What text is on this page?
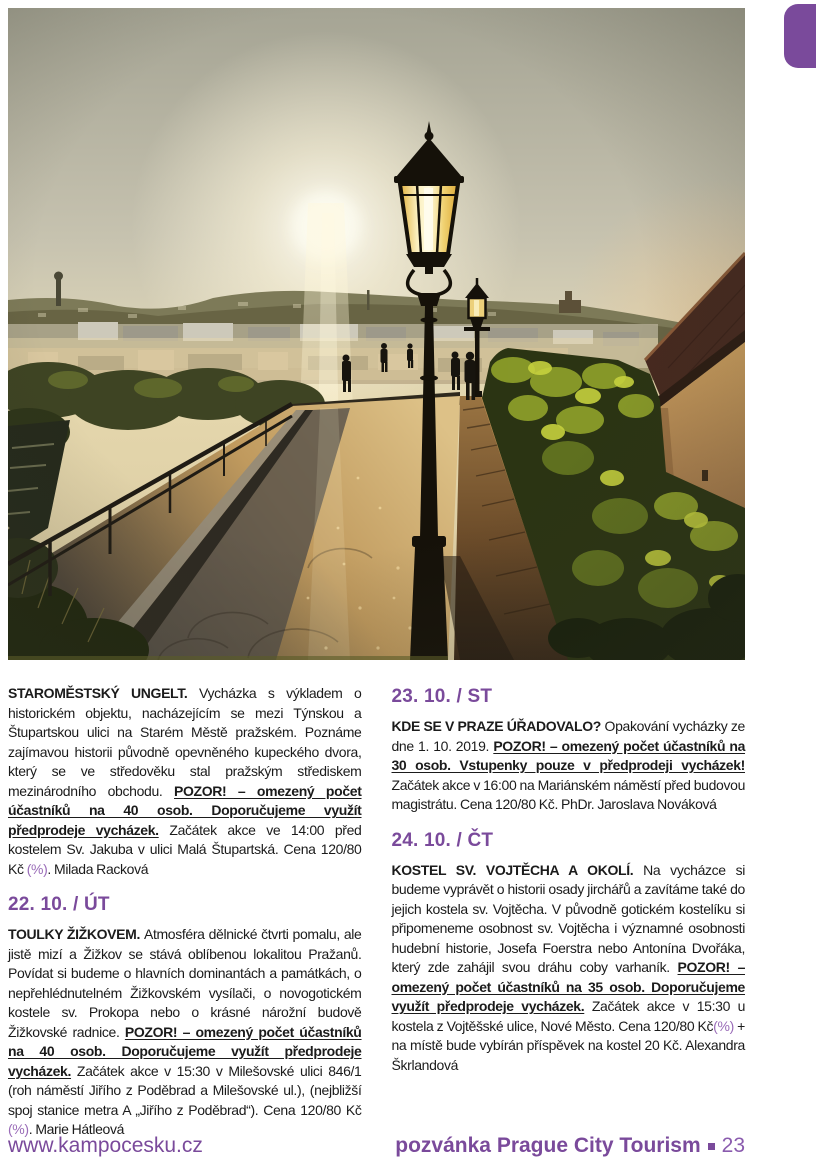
STAROMĚSTSKÝ UNGELT. Vycházka s výkladem o historickém objektu, nacházejícím se mezi Týnskou a Štupartskou ulici na Starém Městě pražském. Poznáme zajímavou historii původně opevněného kupeckého dvora, který se ve středověku stal pražským střediskem mezinárodního obchodu. POZOR! – omezený počet účastníků na 40 osob. Doporučujeme využít předprodeje vycházek. Začátek akce ve 14:00 před kostelem Sv. Jakuba v ulici Malá Štupartská. Cena 120/80 Kč (%). Milada Racková

22. 10. / ÚT

TOULKY ŽIŽKOVEM. Atmosféra dělnické čtvrti pomalu, ale jistě mizí a Žižkov se stává oblíbenou lokalitou Pražanů. Povídat si budeme o hlavních dominantách a památkách, o nepřehlédnutelném Žižkovském vysílači, o novogotickém kostele sv. Prokopa nebo o krásné nárožní budově Žižkovské radnice. POZOR! – omezený počet účastníků na 40 osob. Doporučujeme využít předprodeje vycházek. Začátek akce v 15:30 v Milešovské ulici 846/1 (roh náměstí Jiřího z Poděbrad a Milešovské ul.), (nejbližší spoj stanice metra A „Jiřího z Poděbrad“). Cena 120/80 Kč (%). Marie Hátleová

23. 10. / ST

KDE SE V PRAZE ÚŘADOVALO? Opakování vycházky ze dne 1. 10. 2019. POZOR! – omezený počet účastníků na 30 osob. Vstupenky pouze v předprodeji vycházek! Začátek akce v 16:00 na Mariánském náměstí před budovou magistrátu. Cena 120/80 Kč. PhDr. Jaroslava Nováková

24. 10. / ČT

KOSTEL SV. VOJTĚCHA A OKOLÍ. Na vycházce si budeme vyprávět o historii osady jirchářů a zavítáme také do jejich kostela sv. Vojtěcha. V původně gotickém kostelíku si připomeneme osobnost sv. Vojtěcha i významné osobnosti hudební historie, Josefa Foerstra nebo Antonína Dvořáka, který zde zahájil svou dráhu coby varhaník. POZOR! – omezený počet účastníků na 35 osob. Doporučujeme využít předprodeje vycházek. Začátek akce v 15:30 u kostela z Vojtěšské ulice, Nové Město. Cena 120/80 Kč(%) + na místě bude vybírán příspěvek na kostel 20 Kč. Alexandra Škrlandová

www.kampocesku.cz	pozvánka Prague City Tourism 23
